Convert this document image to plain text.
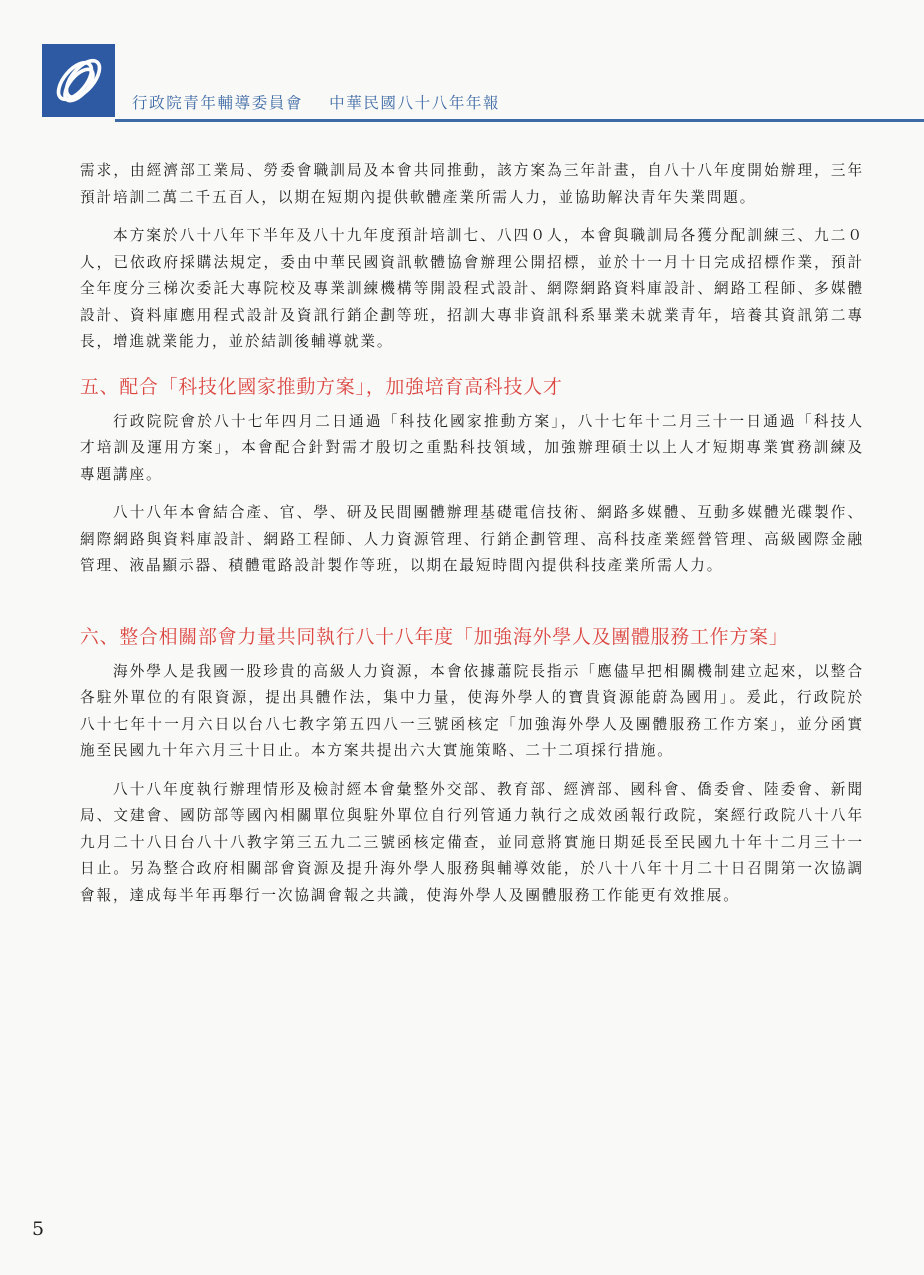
行政院青年輔導委員會 中華民國八十八年年報

需求，由經濟部工業局、勞委會職訓局及本會共同推動，該方案為三年計畫，自八十八年度開始辦理，三年預計培訓二萬二千五百人，以期在短期內提供軟體產業所需人力，並協助解決青年失業問題。

本方案於八十八年下半年及八十九年度預計培訓七、八四０人，本會與職訓局各獲分配訓練三、九二０人，已依政府採購法規定，委由中華民國資訊軟體協會辦理公開招標，並於十一月十日完成招標作業，預計全年度分三梯次委託大專院校及專業訓練機構等開設程式設計、網際網路資料庫設計、網路工程師、多媒體設計、資料庫應用程式設計及資訊行銷企劃等班，招訓大專非資訊科系畢業未就業青年，培養其資訊第二專長，增進就業能力，並於結訓後輔導就業。

五、配合「科技化國家推動方案」，加強培育高科技人才

行政院院會於八十七年四月二日通過「科技化國家推動方案」，八十七年十二月三十一日通過「科技人才培訓及運用方案」，本會配合針對需才殷切之重點科技領域，加強辦理碩士以上人才短期專業實務訓練及專題講座。

八十八年本會結合產、官、學、研及民間團體辦理基礎電信技術、網路多媒體、互動多媒體光碟製作、網際網路與資料庫設計、網路工程師、人力資源管理、行銷企劃管理、高科技產業經營管理、高級國際金融管理、液晶顯示器、積體電路設計製作等班，以期在最短時間內提供科技產業所需人力。

六、整合相關部會力量共同執行八十八年度「加強海外學人及團體服務工作方案」

海外學人是我國一股珍貴的高級人力資源，本會依據蕭院長指示「應儘早把相關機制建立起來，以整合各駐外單位的有限資源，提出具體作法，集中力量，使海外學人的寶貴資源能蔚為國用」。爰此，行政院於八十七年十一月六日以台八七教字第五四八一三號函核定「加強海外學人及團體服務工作方案」，並分函實施至民國九十年六月三十日止。本方案共提出六大實施策略、二十二項採行措施。

八十八年度執行辦理情形及檢討經本會彙整外交部、教育部、經濟部、國科會、僑委會、陸委會、新聞局、文建會、國防部等國內相關單位與駐外單位自行列管通力執行之成效函報行政院，案經行政院八十八年九月二十八日台八十八教字第三五九二三號函核定備查，並同意將實施日期延長至民國九十年十二月三十一日止。另為整合政府相關部會資源及提升海外學人服務與輔導效能，於八十八年十月二十日召開第一次協調會報，達成每半年再舉行一次協調會報之共識，使海外學人及團體服務工作能更有效推展。

5
